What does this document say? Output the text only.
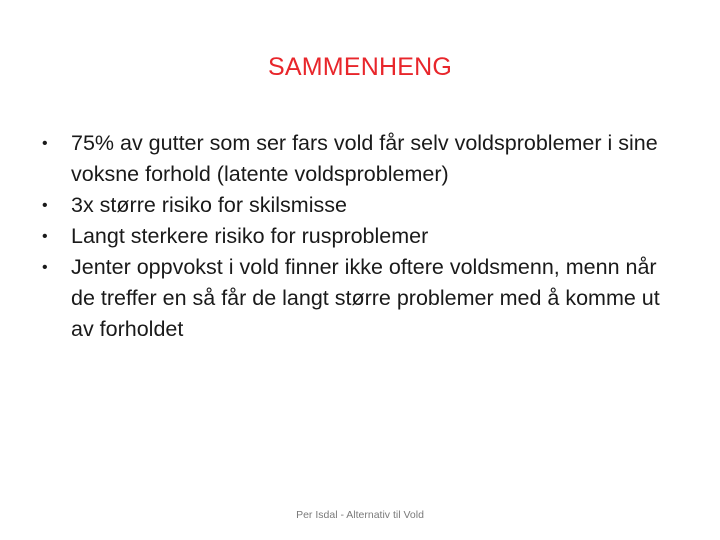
SAMMENHENG
•	75% av gutter som ser fars vold får selv voldsproblemer i sine voksne forhold (latente voldsproblemer)
•	3x større risiko for skilsmisse
•	Langt sterkere risiko for rusproblemer
•	Jenter oppvokst i vold finner ikke oftere voldsmenn, menn når de treffer en så får de langt større problemer med å komme ut av forholdet
Per Isdal - Alternativ til Vold
